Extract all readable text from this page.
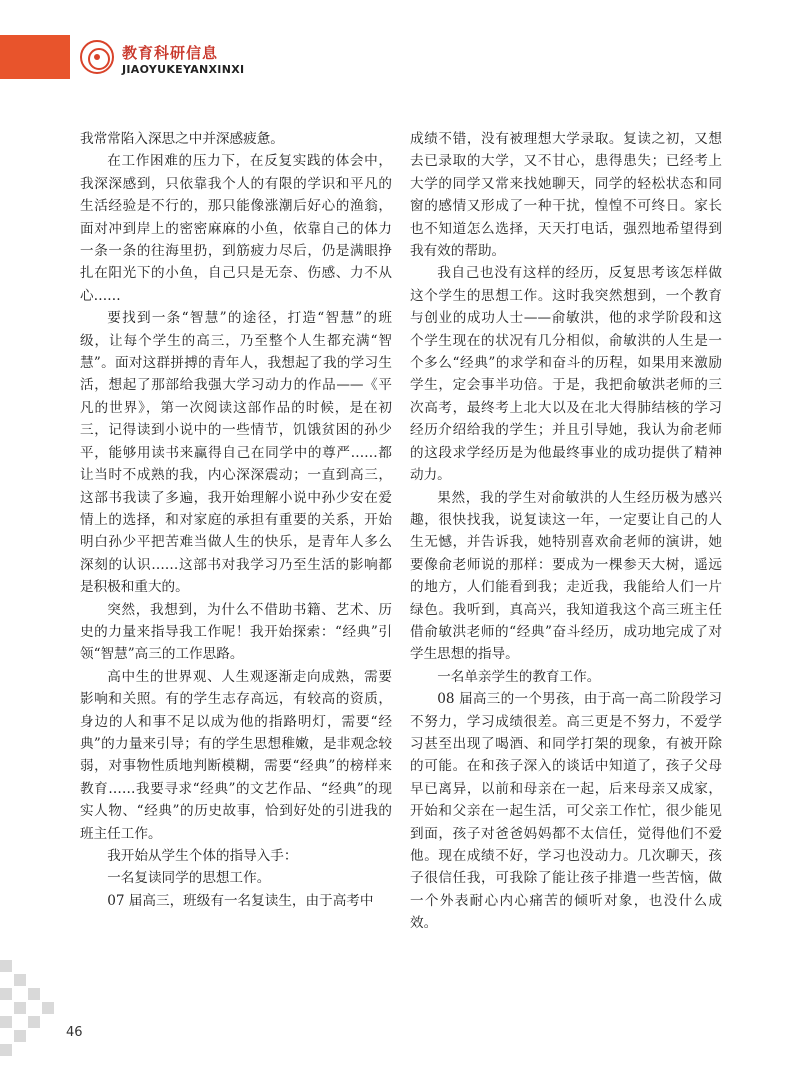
教育科研信息
JIAOYUKEYANXINXI

我常常陷入深思之中并深感疲惫。

在工作困难的压力下，在反复实践的体会中，我深深感到，只依靠我个人的有限的学识和平凡的生活经验是不行的，那只能像涨潮后好心的渔翁，面对冲到岸上的密密麻麻的小鱼，依靠自己的体力一条一条的往海里扔，到筋疲力尽后，仍是满眼挣扎在阳光下的小鱼，自己只是无奈、伤感、力不从心……

要找到一条“智慧”的途径，打造“智慧”的班级，让每个学生的高三，乃至整个人生都充满“智慧”。面对这群拼搏的青年人，我想起了我的学习生活，想起了那部给我强大学习动力的作品——《平凡的世界》，第一次阅读这部作品的时候，是在初三，记得读到小说中的一些情节，饥饿贫困的孙少平，能够用读书来赢得自己在同学中的尊严……都让当时不成熟的我，内心深深震动；一直到高三，这部书我读了多遍，我开始理解小说中孙少安在爱情上的选择，和对家庭的承担有重要的关系，开始明白孙少平把苦难当做人生的快乐，是青年人多么深刻的认识……这部书对我学习乃至生活的影响都是积极和重大的。

突然，我想到，为什么不借助书籍、艺术、历史的力量来指导我工作呢！我开始探索：“经典”引领“智慧”高三的工作思路。

高中生的世界观、人生观逐渐走向成熟，需要影响和关照。有的学生志存高远，有较高的资质，身边的人和事不足以成为他的指路明灯，需要“经典”的力量来引导；有的学生思想稚嫩，是非观念较弱，对事物性质地判断模糊，需要“经典”的榜样来教育……我要寻求“经典”的文艺作品、“经典”的现实人物、“经典”的历史故事，恰到好处的引进我的班主任工作。

我开始从学生个体的指导入手：

一名复读同学的思想工作。

07 届高三，班级有一名复读生，由于高考中

成绩不错，没有被理想大学录取。复读之初，又想去已录取的大学，又不甘心，患得患失；已经考上大学的同学又常来找她聊天，同学的轻松状态和同窗的感情又形成了一种干扰，惶惶不可终日。家长也不知道怎么选择，天天打电话，强烈地希望得到我有效的帮助。

我自己也没有这样的经历，反复思考该怎样做这个学生的思想工作。这时我突然想到，一个教育与创业的成功人士——俞敏洪，他的求学阶段和这个学生现在的状况有几分相似，俞敏洪的人生是一个多么“经典”的求学和奋斗的历程，如果用来激励学生，定会事半功倍。于是，我把俞敏洪老师的三次高考，最终考上北大以及在北大得肺结核的学习经历介绍给我的学生；并且引导她，我认为俞老师的这段求学经历是为他最终事业的成功提供了精神动力。

果然，我的学生对俞敏洪的人生经历极为感兴趣，很快找我，说复读这一年，一定要让自己的人生无憾，并告诉我，她特别喜欢俞老师的演讲，她要像俞老师说的那样：要成为一棵参天大树，遥远的地方，人们能看到我；走近我，我能给人们一片绿色。我听到，真高兴，我知道我这个高三班主任借俞敏洪老师的“经典”奋斗经历，成功地完成了对学生思想的指导。

一名单亲学生的教育工作。

08 届高三的一个男孩，由于高一高二阶段学习不努力，学习成绩很差。高三更是不努力，不爱学习甚至出现了喝酒、和同学打架的现象，有被开除的可能。在和孩子深入的谈话中知道了，孩子父母早已离异，以前和母亲在一起，后来母亲又成家，开始和父亲在一起生活，可父亲工作忙，很少能见到面，孩子对爸爸妈妈都不太信任，觉得他们不爱他。现在成绩不好，学习也没动力。几次聊天，孩子很信任我，可我除了能让孩子排遣一些苦恼，做一个外表耐心内心痛苦的倾听对象，也没什么成效。

46
